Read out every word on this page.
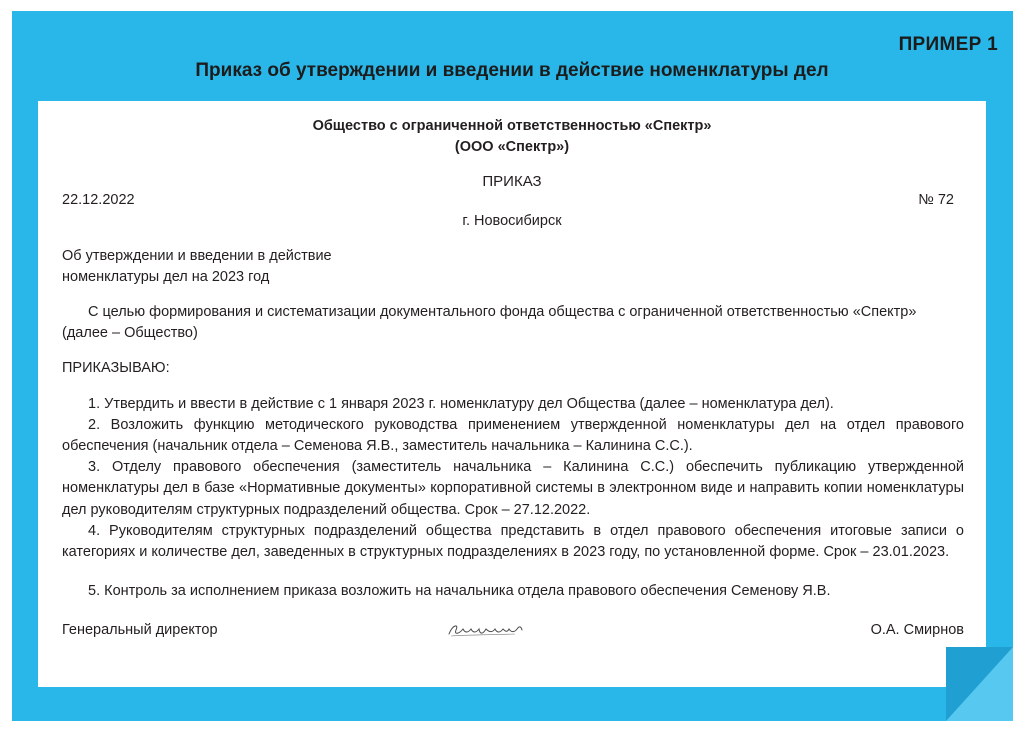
ПРИМЕР 1
Приказ об утверждении и введении в действие номенклатуры дел
Общество с ограниченной ответственностью «Спектр»
(ООО «Спектр»)
ПРИКАЗ
22.12.2022	№ 72
г. Новосибирск
Об утверждении и введении в действие
номенклатуры дел на 2023 год
С целью формирования и систематизации документального фонда общества с ограниченной ответственностью «Спектр» (далее – Общество)
ПРИКАЗЫВАЮ:
1. Утвердить и ввести в действие с 1 января 2023 г. номенклатуру дел Общества (далее – номенклатура дел).
2. Возложить функцию методического руководства применением утвержденной номенклатуры дел на отдел правового обеспечения (начальник отдела – Семенова Я.В., заместитель начальника – Калинина С.С.).
3. Отделу правового обеспечения (заместитель начальника – Калинина С.С.) обеспечить публикацию утвержденной номенклатуры дел в базе «Нормативные документы» корпоративной системы в электронном виде и направить копии номенклатуры дел руководителям структурных подразделений общества. Срок – 27.12.2022.
4. Руководителям структурных подразделений общества представить в отдел правового обеспечения итоговые записи о категориях и количестве дел, заведенных в структурных подразделениях в 2023 году, по установленной форме. Срок – 23.01.2023.
5. Контроль за исполнением приказа возложить на начальника отдела правового обеспечения Семенову Я.В.
Генеральный директор	О.А. Смирнов
